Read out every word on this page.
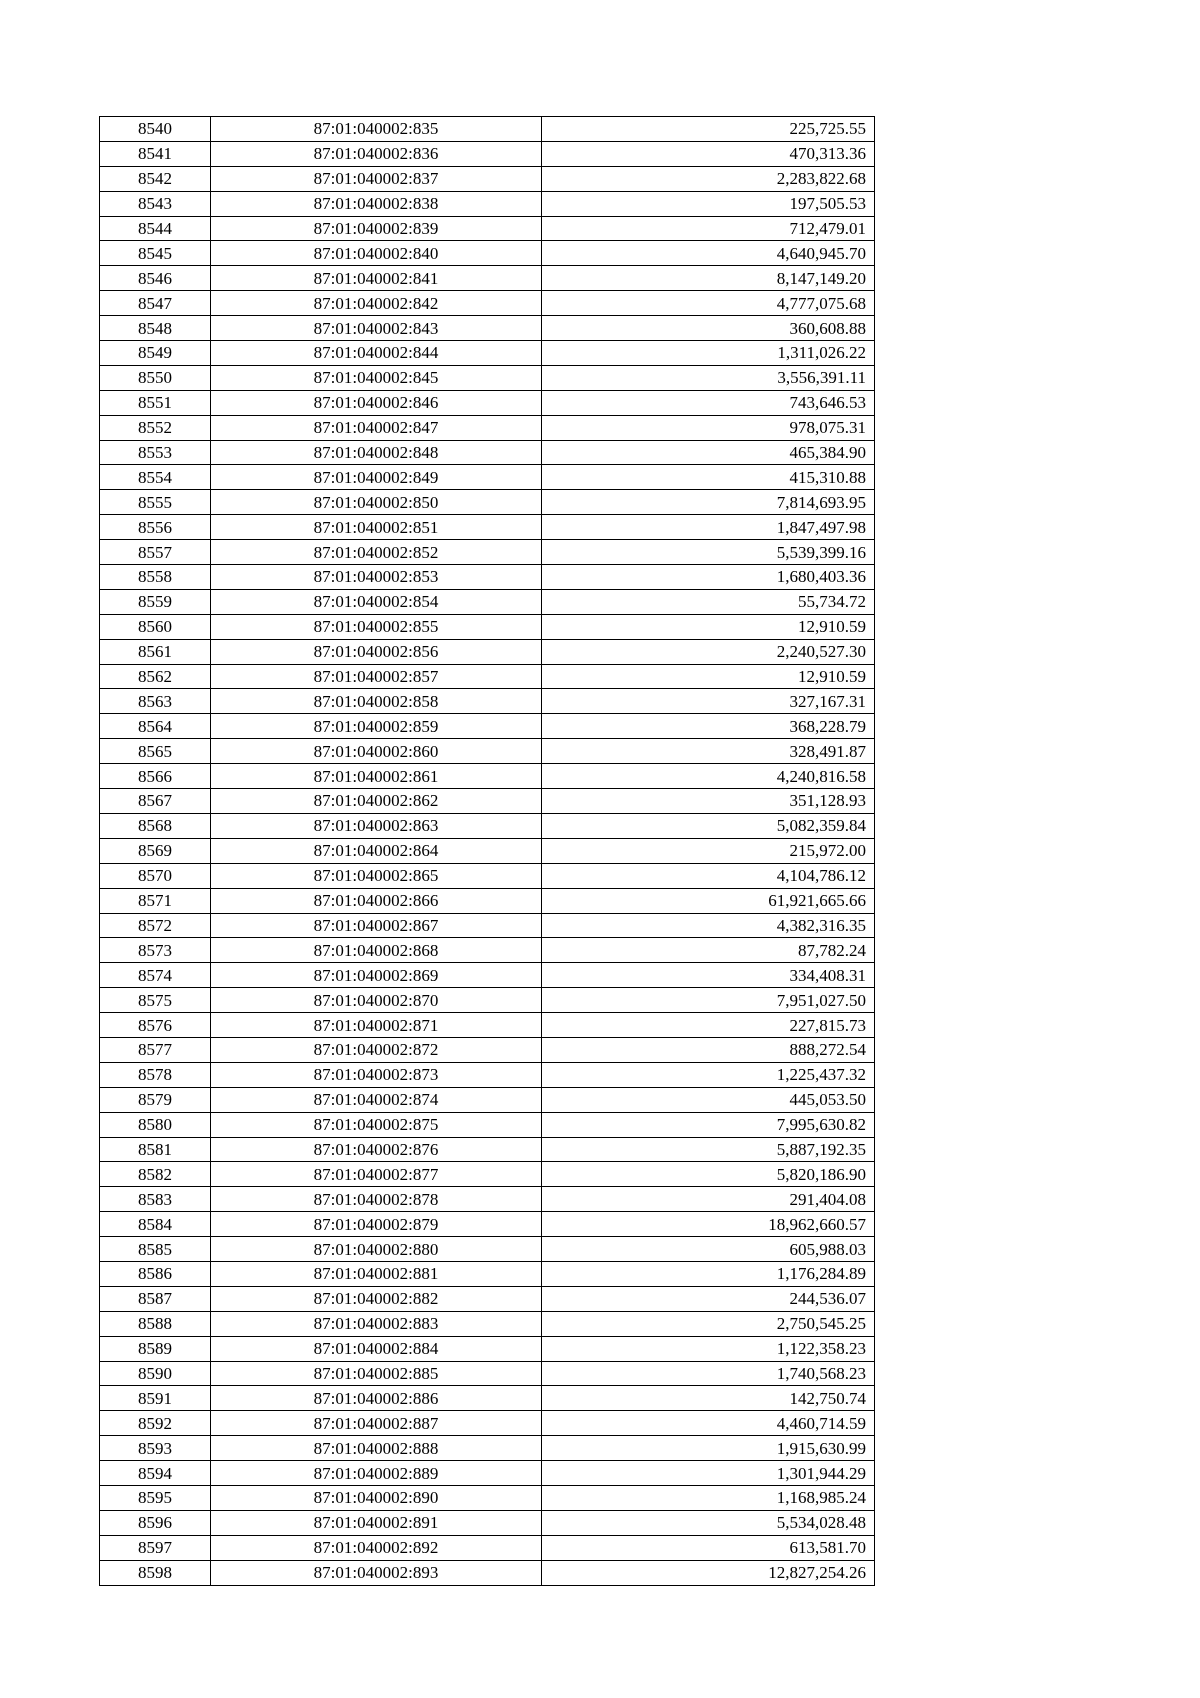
8540	87:01:040002:835	225,725.55
8541	87:01:040002:836	470,313.36
8542	87:01:040002:837	2,283,822.68
8543	87:01:040002:838	197,505.53
8544	87:01:040002:839	712,479.01
8545	87:01:040002:840	4,640,945.70
8546	87:01:040002:841	8,147,149.20
8547	87:01:040002:842	4,777,075.68
8548	87:01:040002:843	360,608.88
8549	87:01:040002:844	1,311,026.22
8550	87:01:040002:845	3,556,391.11
8551	87:01:040002:846	743,646.53
8552	87:01:040002:847	978,075.31
8553	87:01:040002:848	465,384.90
8554	87:01:040002:849	415,310.88
8555	87:01:040002:850	7,814,693.95
8556	87:01:040002:851	1,847,497.98
8557	87:01:040002:852	5,539,399.16
8558	87:01:040002:853	1,680,403.36
8559	87:01:040002:854	55,734.72
8560	87:01:040002:855	12,910.59
8561	87:01:040002:856	2,240,527.30
8562	87:01:040002:857	12,910.59
8563	87:01:040002:858	327,167.31
8564	87:01:040002:859	368,228.79
8565	87:01:040002:860	328,491.87
8566	87:01:040002:861	4,240,816.58
8567	87:01:040002:862	351,128.93
8568	87:01:040002:863	5,082,359.84
8569	87:01:040002:864	215,972.00
8570	87:01:040002:865	4,104,786.12
8571	87:01:040002:866	61,921,665.66
8572	87:01:040002:867	4,382,316.35
8573	87:01:040002:868	87,782.24
8574	87:01:040002:869	334,408.31
8575	87:01:040002:870	7,951,027.50
8576	87:01:040002:871	227,815.73
8577	87:01:040002:872	888,272.54
8578	87:01:040002:873	1,225,437.32
8579	87:01:040002:874	445,053.50
8580	87:01:040002:875	7,995,630.82
8581	87:01:040002:876	5,887,192.35
8582	87:01:040002:877	5,820,186.90
8583	87:01:040002:878	291,404.08
8584	87:01:040002:879	18,962,660.57
8585	87:01:040002:880	605,988.03
8586	87:01:040002:881	1,176,284.89
8587	87:01:040002:882	244,536.07
8588	87:01:040002:883	2,750,545.25
8589	87:01:040002:884	1,122,358.23
8590	87:01:040002:885	1,740,568.23
8591	87:01:040002:886	142,750.74
8592	87:01:040002:887	4,460,714.59
8593	87:01:040002:888	1,915,630.99
8594	87:01:040002:889	1,301,944.29
8595	87:01:040002:890	1,168,985.24
8596	87:01:040002:891	5,534,028.48
8597	87:01:040002:892	613,581.70
8598	87:01:040002:893	12,827,254.26
